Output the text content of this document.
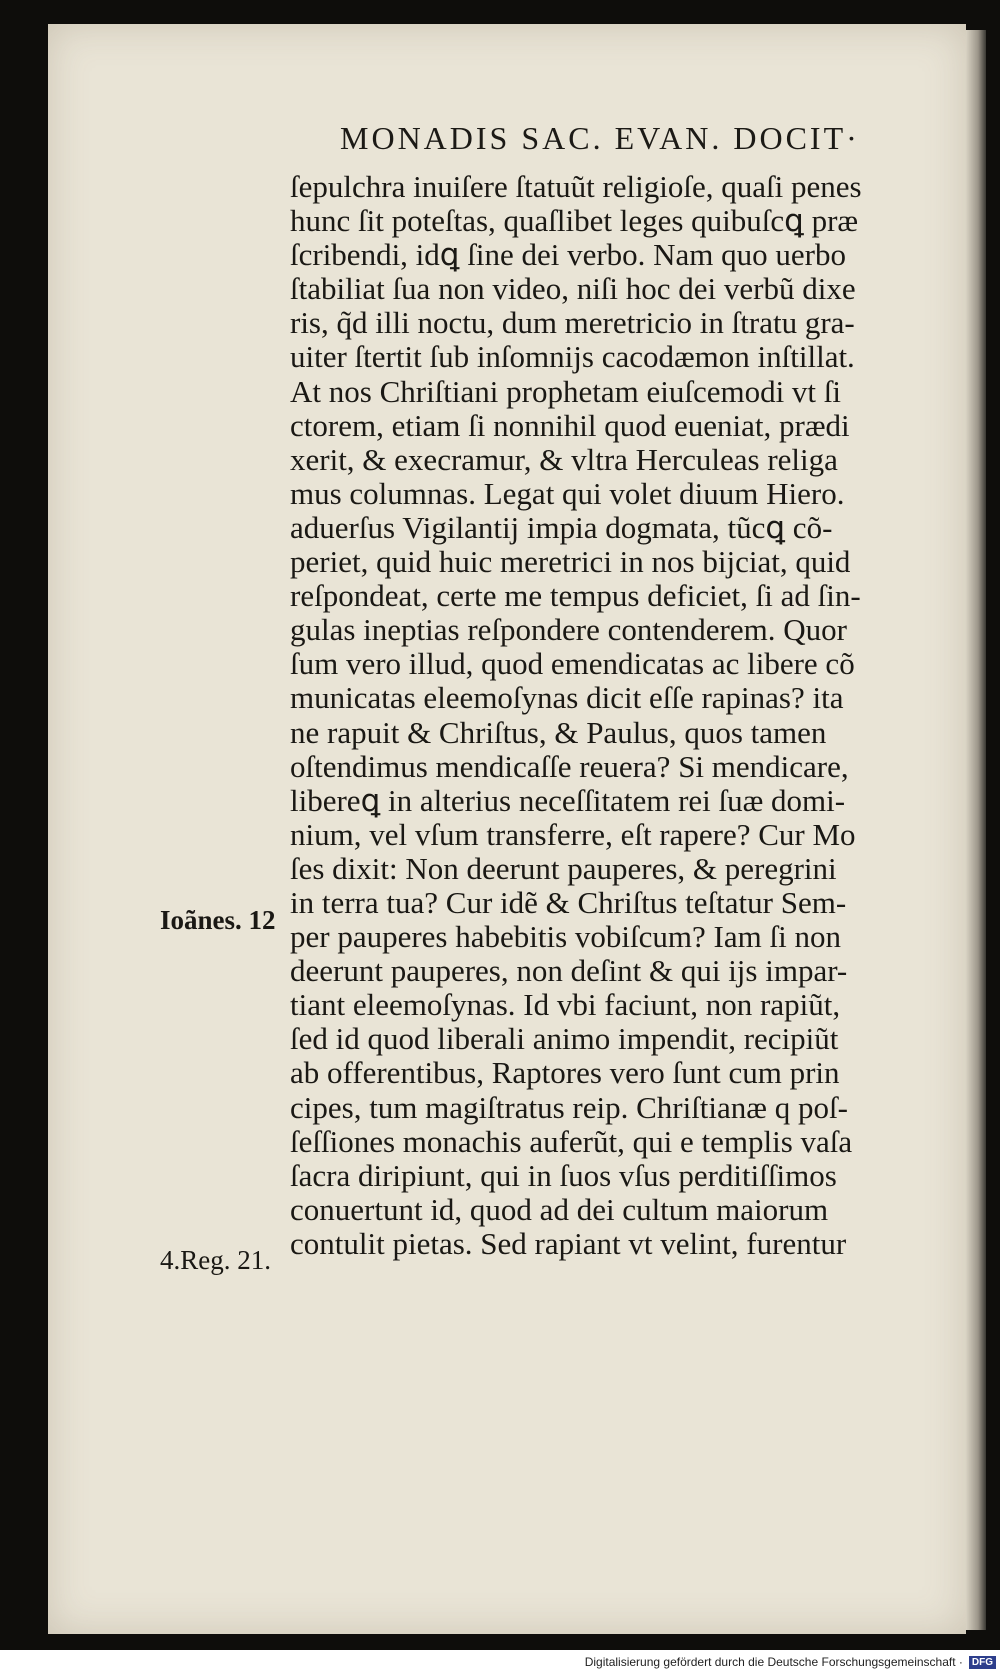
MONADIS SAC. EVAN. DOCIT·
ſepulchra inuiſere ſtatuũt religioſe, quaſi penes
hunc ſit poteſtas, quaſlibet leges quibuſcꝗ præ
ſcribendi, idꝗ ſine dei verbo. Nam quo uerbo
ſtabiliat ſua non video, niſi hoc dei verbũ dixe
ris, q̃d illi noctu, dum meretricio in ſtratu gra-
uiter ſtertit ſub inſomnijs cacodæmon inſtillat.
At nos Chriſtiani prophetam eiuſcemodi vt ſi
ctorem, etiam ſi nonnihil quod eueniat, prædi
xerit, & execramur, & vltra Herculeas religa
mus columnas. Legat qui volet diuum Hiero.
aduerſus Vigilantij impia dogmata, tũcꝗ cõ-
periet, quid huic meretrici in nos bijciat, quid
reſpondeat, certe me tempus deficiet, ſi ad ſin-
gulas ineptias reſpondere contenderem. Quor
ſum vero illud, quod emendicatas ac libere cõ
municatas eleemoſynas dicit eſſe rapinas? ita
ne rapuit & Chriſtus, & Paulus, quos tamen
oſtendimus mendicaſſe reuera? Si mendicare,
libereꝗ in alterius neceſſitatem rei ſuæ domi-
nium, vel vſum transferre, eſt rapere? Cur Mo
ſes dixit: Non deerunt pauperes, & peregrini
in terra tua? Cur idẽ & Chriſtus teſtatur Sem-
per pauperes habebitis vobiſcum? Iam ſi non
deerunt pauperes, non deſint & qui ijs impar-
tiant eleemoſynas. Id vbi faciunt, non rapiũt,
ſed id quod liberali animo impendit, recipiũt
ab offerentibus, Raptores vero ſunt cum prin
cipes, tum magiſtratus reip. Chriſtianæ q poſ-
ſeſſiones monachis auferũt, qui e templis vaſa
ſacra diripiunt, qui in ſuos vſus perditiſſimos
conuertunt id, quod ad dei cultum maiorum
contulit pietas. Sed rapiant vt velint, furentur
Ioãnes. 12
4.Reg. 21.
Digitalisierung gefördert durch die Deutsche Forschungsgemeinschaft · DFG
